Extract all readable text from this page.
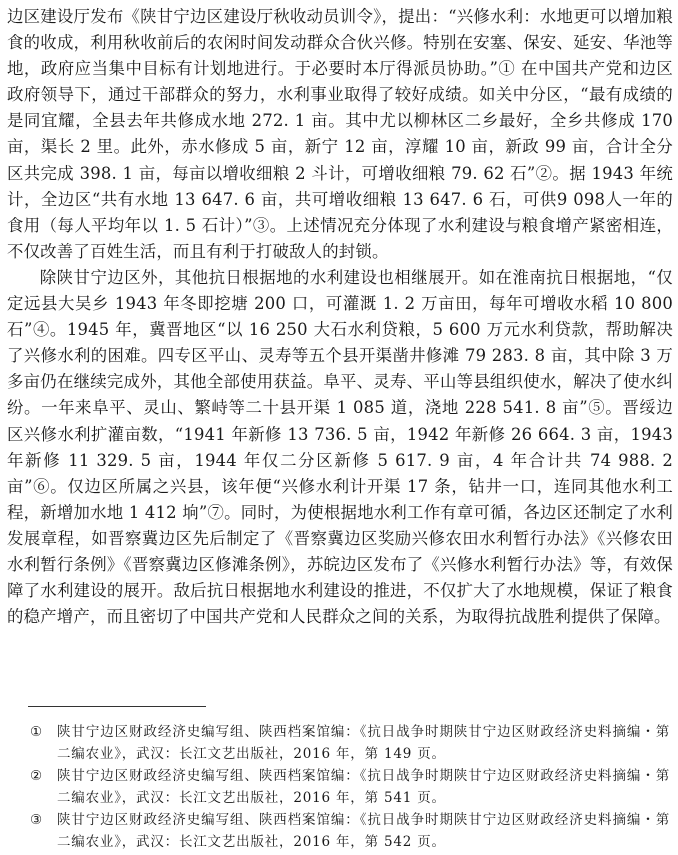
边区建设厅发布《陕甘宁边区建设厅秋收动员训令》，提出：“兴修水利：水地更可以增加粮食的收成，利用秋收前后的农闲时间发动群众合伙兴修。特别在安塞、保安、延安、华池等地，政府应当集中目标有计划地进行。于必要时本厅得派员协助。”① 在中国共产党和边区政府领导下，通过干部群众的努力，水利事业取得了较好成绩。如关中分区，“最有成绩的是同宜耀，全县去年共修成水地 272. 1 亩。其中尤以柳林区二乡最好，全乡共修成 170 亩，渠长 2 里。此外，赤水修成 5 亩，新宁 12 亩，淳耀 10 亩，新政 99 亩，合计全分区共完成 398. 1 亩，每亩以增收细粮 2 斗计，可增收细粮 79. 62 石”②。据 1943 年统计，全边区“共有水地 13 647. 6 亩，共可增收细粮 13 647. 6 石，可供9 098人一年的食用（每人平均年以 1. 5 石计）”③。上述情况充分体现了水利建设与粮食增产紧密相连，不仅改善了百姓生活，而且有利于打破敌人的封锁。

除陕甘宁边区外，其他抗日根据地的水利建设也相继展开。如在淮南抗日根据地，“仅定远县大吴乡 1943 年冬即挖塘 200 口，可灌溉 1. 2 万亩田，每年可增收水稻 10 800 石”④。1945 年，冀晋地区“以 16 250 大石水利贷粮，5 600 万元水利贷款，帮助解决了兴修水利的困难。四专区平山、灵寿等五个县开渠凿井修滩 79 283. 8 亩，其中除 3 万多亩仍在继续完成外，其他全部使用获益。阜平、灵寿、平山等县组织使水，解决了使水纠纷。一年来阜平、灵山、繁峙等二十县开渠 1 085 道，浇地 228 541. 8 亩”⑤。晋绥边区兴修水利扩灌亩数，“1941 年新修 13 736. 5 亩，1942 年新修 26 664. 3 亩，1943 年新修 11 329. 5 亩，1944 年仅二分区新修 5 617. 9 亩，4 年合计共 74 988. 2 亩”⑥。仅边区所属之兴县，该年便“兴修水利计开渠 17 条，钻井一口，连同其他水利工程，新增加水地 1 412 垧”⑦。同时，为使根据地水利工作有章可循，各边区还制定了水利发展章程，如晋察冀边区先后制定了《晋察冀边区奖励兴修农田水利暂行办法》《兴修农田水利暂行条例》《晋察冀边区修滩条例》，苏皖边区发布了《兴修水利暂行办法》等，有效保障了水利建设的展开。敌后抗日根据地水利建设的推进，不仅扩大了水地规模，保证了粮食的稳产增产，而且密切了中国共产党和人民群众之间的关系，为取得抗战胜利提供了保障。

① 陕甘宁边区财政经济史编写组、陕西档案馆编：《抗日战争时期陕甘宁边区财政经济史料摘编・第二编农业》，武汉：长江文艺出版社，2016 年，第 149 页。
② 陕甘宁边区财政经济史编写组、陕西档案馆编：《抗日战争时期陕甘宁边区财政经济史料摘编・第二编农业》，武汉：长江文艺出版社，2016 年，第 541 页。
③ 陕甘宁边区财政经济史编写组、陕西档案馆编：《抗日战争时期陕甘宁边区财政经济史料摘编・第二编农业》，武汉：长江文艺出版社，2016 年，第 542 页。
